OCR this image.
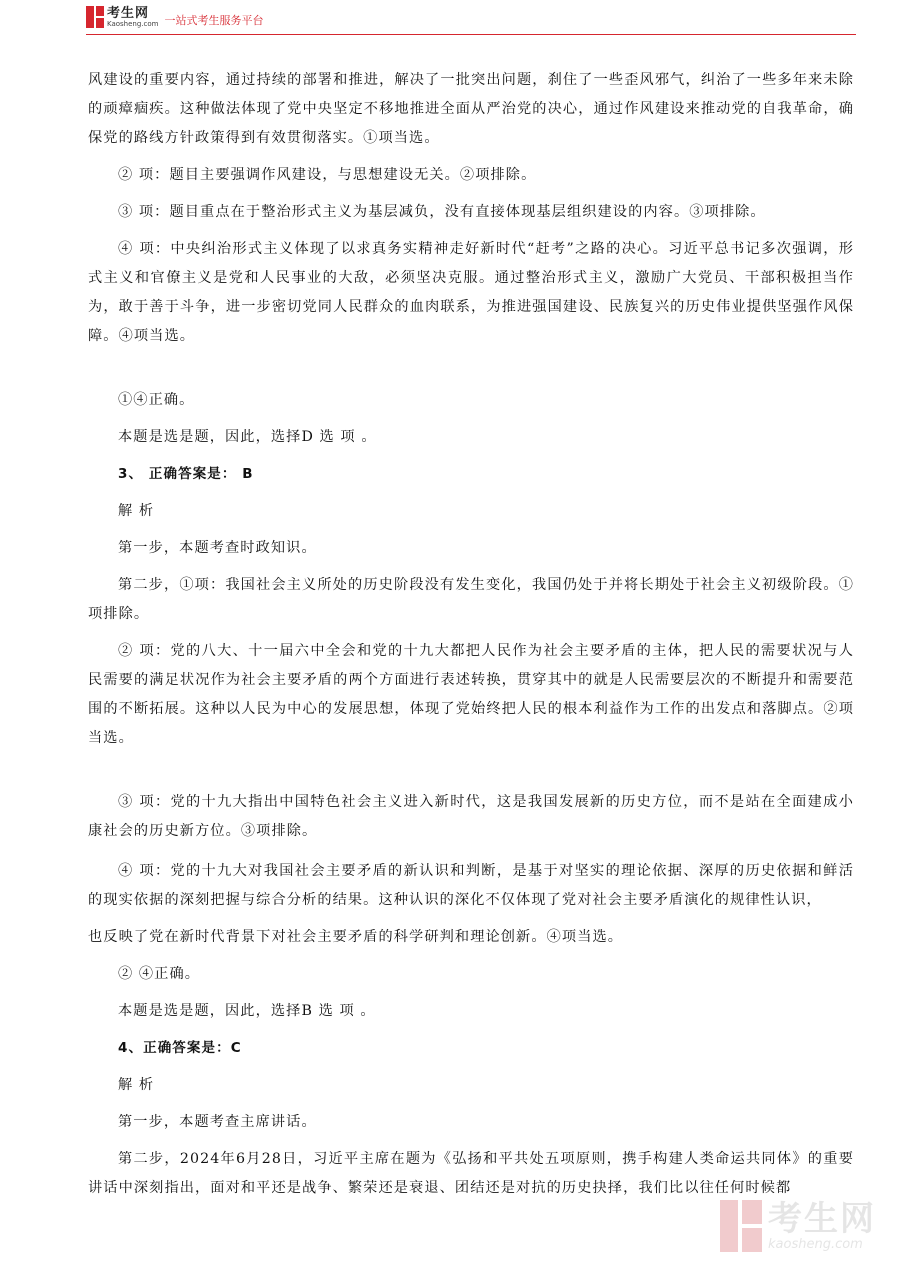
考生网
Kaosheng.com 一站式考生服务平台

风建设的重要内容，通过持续的部署和推进，解决了一批突出问题，刹住了一些歪风邪气，纠治了一些多年来未除的顽瘴痼疾。这种做法体现了党中央坚定不移地推进全面从严治党的决心，通过作风建设来推动党的自我革命，确保党的路线方针政策得到有效贯彻落实。①项当选。

② 项：题目主要强调作风建设，与思想建设无关。②项排除。

③ 项：题目重点在于整治形式主义为基层减负，没有直接体现基层组织建设的内容。③项排除。

④ 项：中央纠治形式主义体现了以求真务实精神走好新时代“赶考”之路的决心。习近平总书记多次强调，形式主义和官僚主义是党和人民事业的大敌，必须坚决克服。通过整治形式主义，激励广大党员、干部积极担当作为，敢于善于斗争，进一步密切党同人民群众的血肉联系，为推进强国建设、民族复兴的历史伟业提供坚强作风保障。④项当选。

①④正确。

本题是选是题，因此，选择D 选 项 。

3、 正确答案是： B

解 析

第一步，本题考查时政知识。

第二步，①项：我国社会主义所处的历史阶段没有发生变化，我国仍处于并将长期处于社会主义初级阶段。①项排除。

② 项：党的八大、十一届六中全会和党的十九大都把人民作为社会主要矛盾的主体，把人民的需要状况与人民需要的满足状况作为社会主要矛盾的两个方面进行表述转换，贯穿其中的就是人民需要层次的不断提升和需要范围的不断拓展。这种以人民为中心的发展思想，体现了党始终把人民的根本利益作为工作的出发点和落脚点。②项当选。

③ 项：党的十九大指出中国特色社会主义进入新时代，这是我国发展新的历史方位，而不是站在全面建成小康社会的历史新方位。③项排除。

④ 项：党的十九大对我国社会主要矛盾的新认识和判断，是基于对坚实的理论依据、深厚的历史依据和鲜活的现实依据的深刻把握与综合分析的结果。这种认识的深化不仅体现了党对社会主要矛盾演化的规律性认识，

也反映了党在新时代背景下对社会主要矛盾的科学研判和理论创新。④项当选。

② ④正确。

本题是选是题，因此，选择B 选 项 。

4、正确答案是：C

解 析

第一步，本题考查主席讲话。

第二步，2024年6月28日，习近平主席在题为《弘扬和平共处五项原则，携手构建人类命运共同体》的重要讲话中深刻指出，面对和平还是战争、繁荣还是衰退、团结还是对抗的历史抉择，我们比以往任何时候都

考生网
kaosheng.com
